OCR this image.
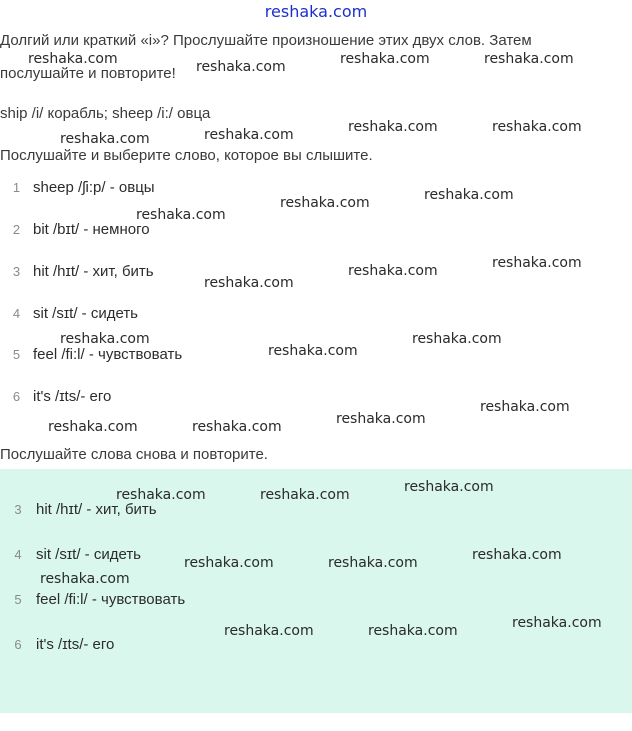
reshaka.com
Долгий или краткий «i»? Прослушайте произношение этих двух слов. Затем
послушайте и повторите!
ship /i/ корабль; sheep /i:/ овца
Послушайте и выберите слово, которое вы слышите.
1 sheep /ʃi:p/ - овцы
2 bit /bɪt/ - немного
3 hit /hɪt/ - хит, бить
4 sit /sɪt/ - сидеть
5 feel /fi:l/ - чувствовать
6 it's /ɪts/- его
Послушайте слова снова и повторите.
3 hit /hɪt/ - хит, бить
4 sit /sɪt/ - сидеть
5 feel /fi:l/ - чувствовать
6 it's /ɪts/- его
reshaka.com	reshaka.com	reshaka.com	reshaka.com
reshaka.com	reshaka.com	reshaka.com	reshaka.com
reshaka.com
reshaka.com
reshaka.com
reshaka.com
reshaka.com
reshaka.com
reshaka.com	reshaka.com
reshaka.com
reshaka.com
reshaka.com
reshaka.com	reshaka.com
reshaka.com
reshaka.com	reshaka.com
reshaka.com
reshaka.com	reshaka.com
reshaka.com
reshaka.com
reshaka.com	reshaka.com
